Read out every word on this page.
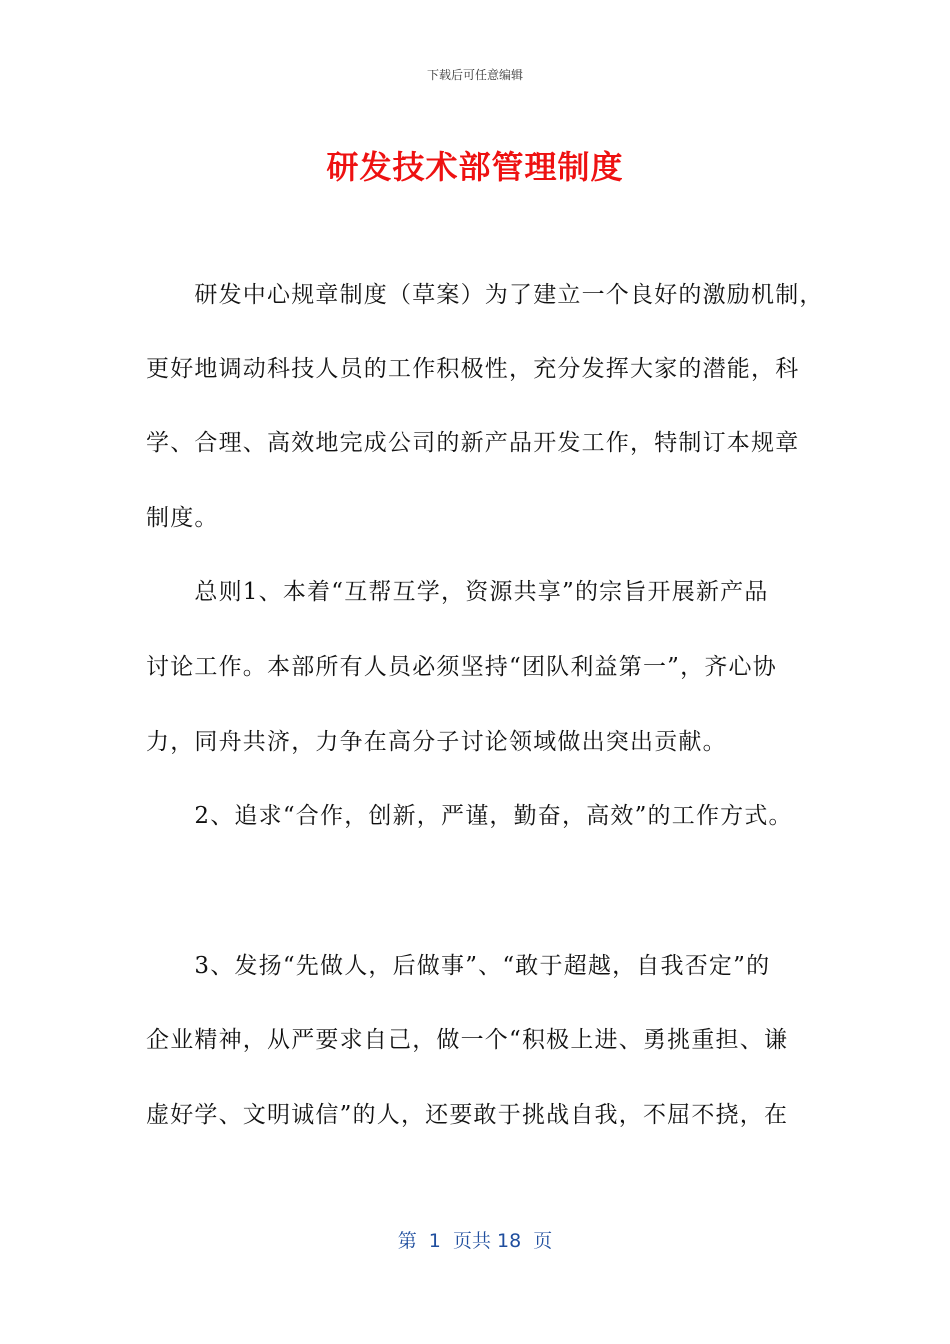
下载后可任意编辑
研发技术部管理制度
　　研发中心规章制度（草案）为了建立一个良好的激励机制，
更好地调动科技人员的工作积极性，充分发挥大家的潜能，科
学、合理、高效地完成公司的新产品开发工作，特制订本规章
制度。
　　总则1、本着“互帮互学，资源共享”的宗旨开展新产品
讨论工作。本部所有人员必须坚持“团队利益第一”，齐心协
力，同舟共济，力争在高分子讨论领域做出突出贡献。
　　2、追求“合作，创新，严谨，勤奋，高效”的工作方式。
　　3、发扬“先做人，后做事”、“敢于超越，自我否定”的
企业精神，从严要求自己，做一个“积极上进、勇挑重担、谦
虚好学、文明诚信”的人，还要敢于挑战自我，不屈不挠，在
第  1  页共 18  页
